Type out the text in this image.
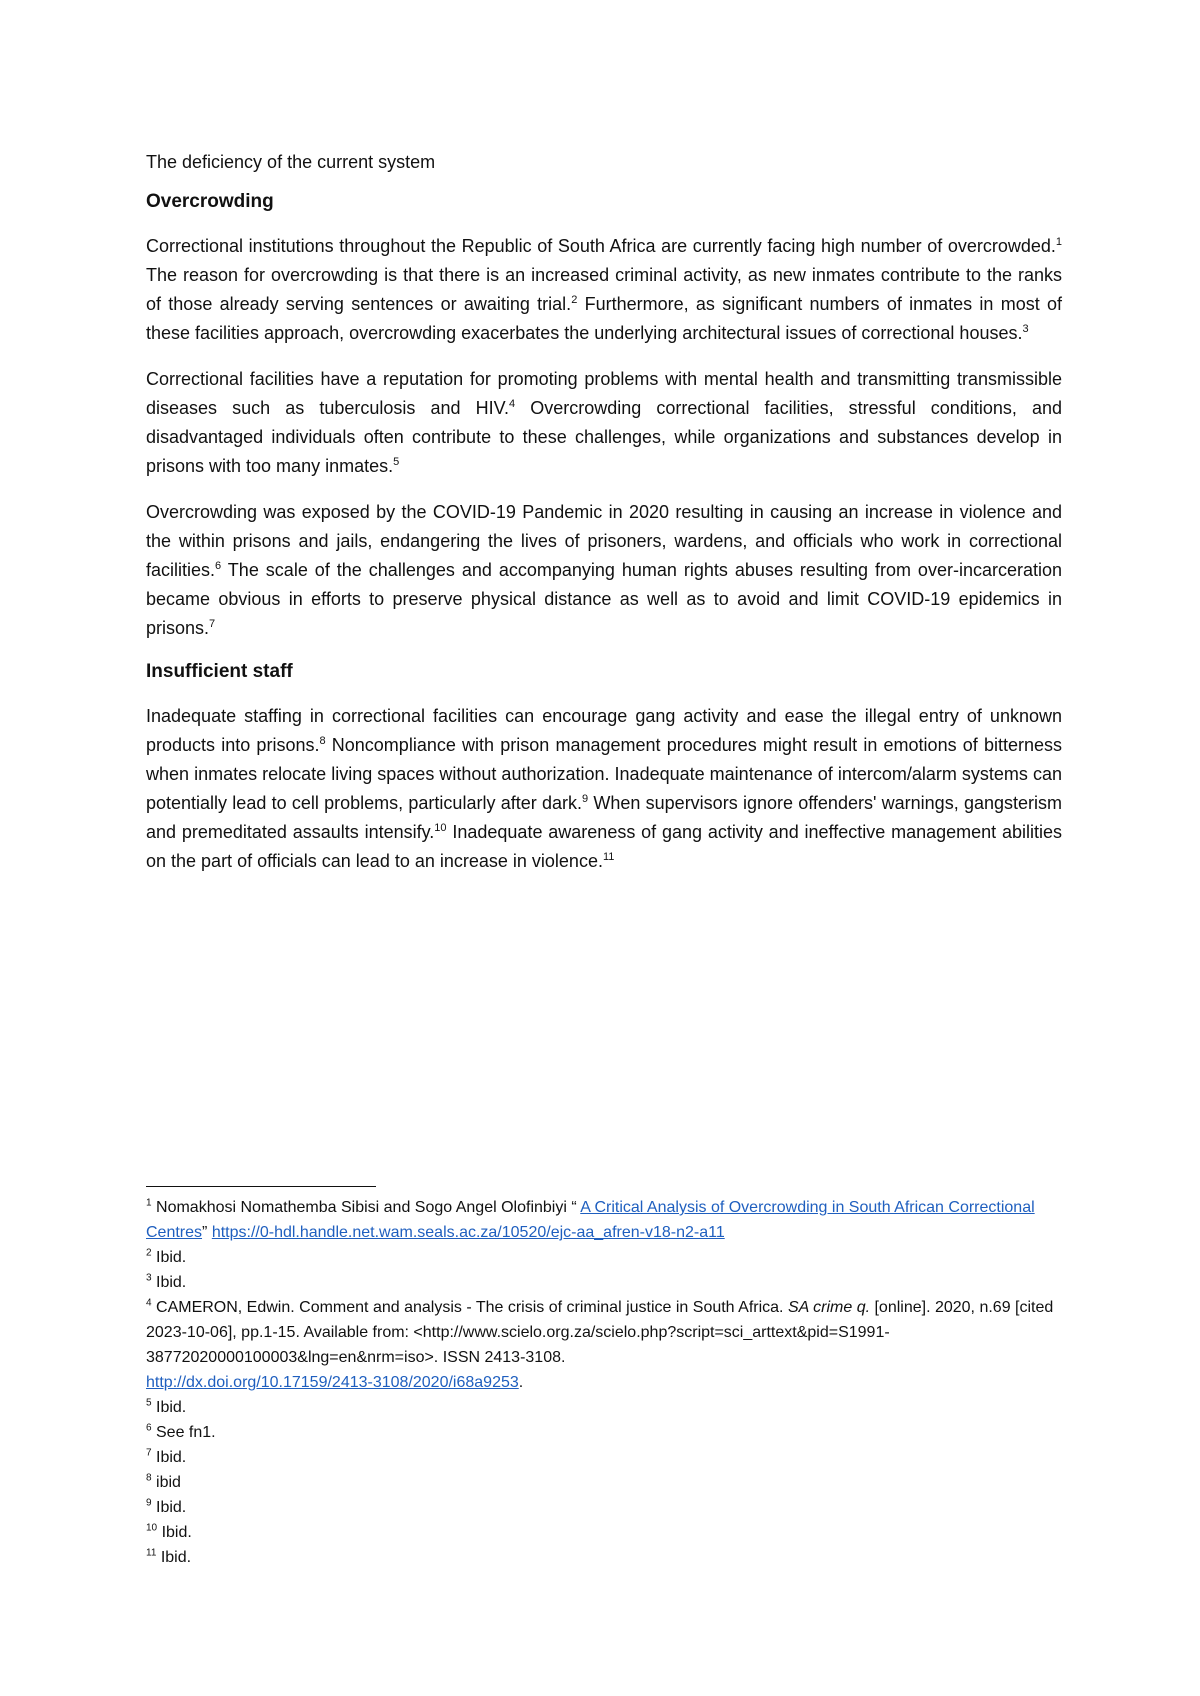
The deficiency of the current system

Overcrowding

Correctional institutions throughout the Republic of South Africa are currently facing high number of overcrowded.$^1$ The reason for overcrowding is that there is an increased criminal activity, as new inmates contribute to the ranks of those already serving sentences or awaiting trial.$^2$ Furthermore, as significant numbers of inmates in most of these facilities approach, overcrowding exacerbates the underlying architectural issues of correctional houses.$^3$

Correctional facilities have a reputation for promoting problems with mental health and transmitting transmissible diseases such as tuberculosis and HIV.$^4$ Overcrowding correctional facilities, stressful conditions, and disadvantaged individuals often contribute to these challenges, while organizations and substances develop in prisons with too many inmates.$^5$

Overcrowding was exposed by the COVID-19 Pandemic in 2020 resulting in causing an increase in violence and the within prisons and jails, endangering the lives of prisoners, wardens, and officials who work in correctional facilities.$^6$ The scale of the challenges and accompanying human rights abuses resulting from over-incarceration became obvious in efforts to preserve physical distance as well as to avoid and limit COVID-19 epidemics in prisons.$^7$

Insufficient staff

Inadequate staffing in correctional facilities can encourage gang activity and ease the illegal entry of unknown products into prisons.$^8$ Noncompliance with prison management procedures might result in emotions of bitterness when inmates relocate living spaces without authorization. Inadequate maintenance of intercom/alarm systems can potentially lead to cell problems, particularly after dark.$^9$ When supervisors ignore offenders' warnings, gangsterism and premeditated assaults intensify.$^{10}$ Inadequate awareness of gang activity and ineffective management abilities on the part of officials can lead to an increase in violence.$^{11}$

$^1$ Nomakhosi Nomathemba Sibisi and Sogo Angel Olofinbiyi “ A Critical Analysis of Overcrowding in South African Correctional Centres” https://0-hdl.handle.net.wam.seals.ac.za/10520/ejc-aa_afren-v18-n2-a11

$^2$ Ibid.

$^3$ Ibid.

$^4$ CAMERON, Edwin. Comment and analysis - The crisis of criminal justice in South Africa. SA crime q. [online]. 2020, n.69 [cited 2023-10-06], pp.1-15. Available from: <http://www.scielo.org.za/scielo.php?script=sci_arttext&pid=S1991-38772020000100003&lng=en&nrm=iso>. ISSN 2413-3108.
http://dx.doi.org/10.17159/2413-3108/2020/i68a9253.

$^5$ Ibid.

$^6$ See fn1.

$^7$ Ibid.

$^8$ ibid

$^9$ Ibid.

$^{10}$ Ibid.

$^{11}$ Ibid.
